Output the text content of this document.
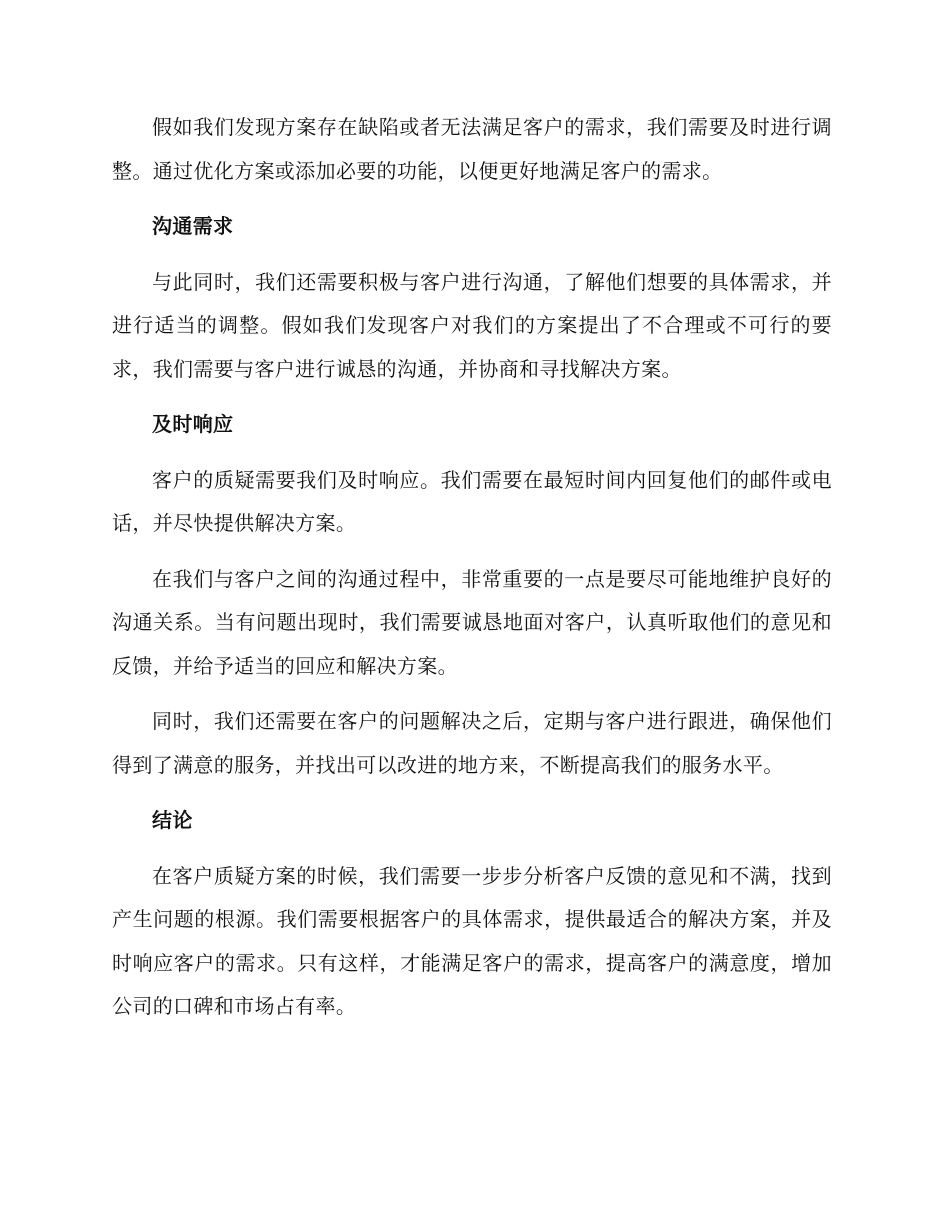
假如我们发现方案存在缺陷或者无法满足客户的需求，我们需要及时进行调整。通过优化方案或添加必要的功能，以便更好地满足客户的需求。

沟通需求

与此同时，我们还需要积极与客户进行沟通，了解他们想要的具体需求，并进行适当的调整。假如我们发现客户对我们的方案提出了不合理或不可行的要求，我们需要与客户进行诚恳的沟通，并协商和寻找解决方案。

及时响应

客户的质疑需要我们及时响应。我们需要在最短时间内回复他们的邮件或电话，并尽快提供解决方案。

在我们与客户之间的沟通过程中，非常重要的一点是要尽可能地维护良好的沟通关系。当有问题出现时，我们需要诚恳地面对客户，认真听取他们的意见和反馈，并给予适当的回应和解决方案。

同时，我们还需要在客户的问题解决之后，定期与客户进行跟进，确保他们得到了满意的服务，并找出可以改进的地方来，不断提高我们的服务水平。

结论

在客户质疑方案的时候，我们需要一步步分析客户反馈的意见和不满，找到产生问题的根源。我们需要根据客户的具体需求，提供最适合的解决方案，并及时响应客户的需求。只有这样，才能满足客户的需求，提高客户的满意度，增加公司的口碑和市场占有率。
